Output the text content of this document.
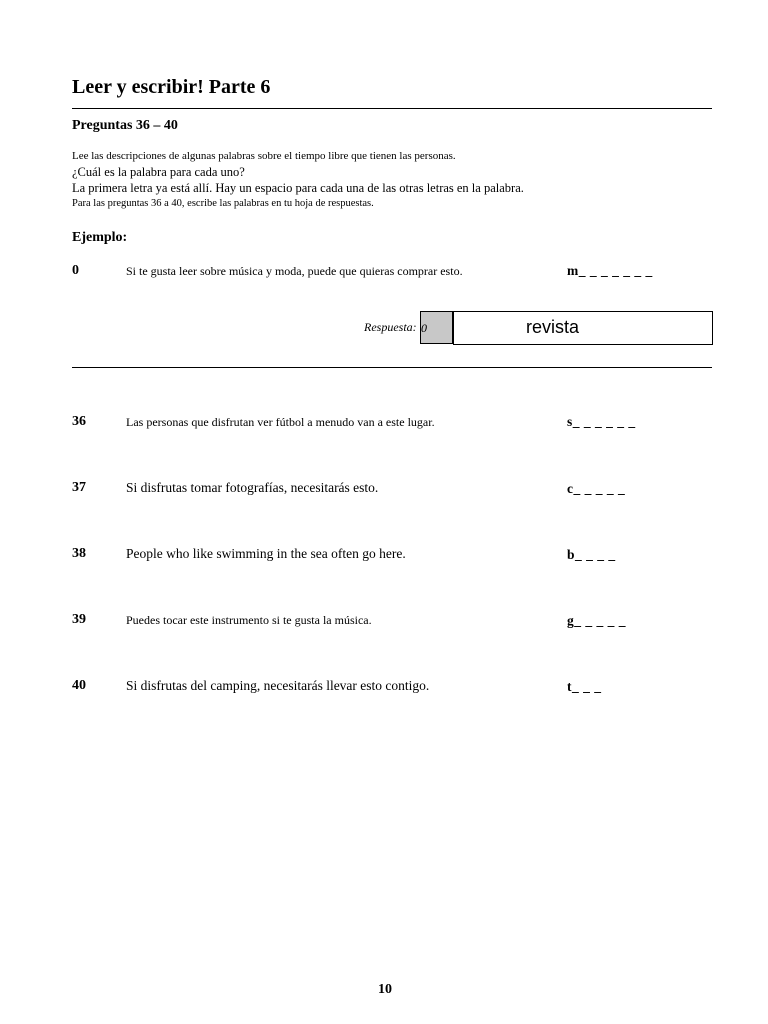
Leer y escribir! Parte 6
Preguntas 36 – 40
Lee las descripciones de algunas palabras sobre el tiempo libre que tienen las personas.
¿Cuál es la palabra para cada uno?
La primera letra ya está allí. Hay un espacio para cada una de las otras letras en la palabra.
Para las preguntas 36 a 40, escribe las palabras en tu hoja de respuestas.
Ejemplo:
0	Si te gusta leer sobre música y moda, puede que quieras comprar esto.	m_ _ _ _ _ _ _
Respuesta: 0	revista
36	Las personas que disfrutan ver fútbol a menudo van a este lugar.	s_ _ _ _ _ _
37	Si disfrutas tomar fotografías, necesitarás esto.	c_ _ _ _ _
38	People who like swimming in the sea often go here.	b_ _ _ _
39	Puedes tocar este instrumento si te gusta la música.	g_ _ _ _ _
40	Si disfrutas del camping, necesitarás llevar esto contigo.	t_ _ _
10
